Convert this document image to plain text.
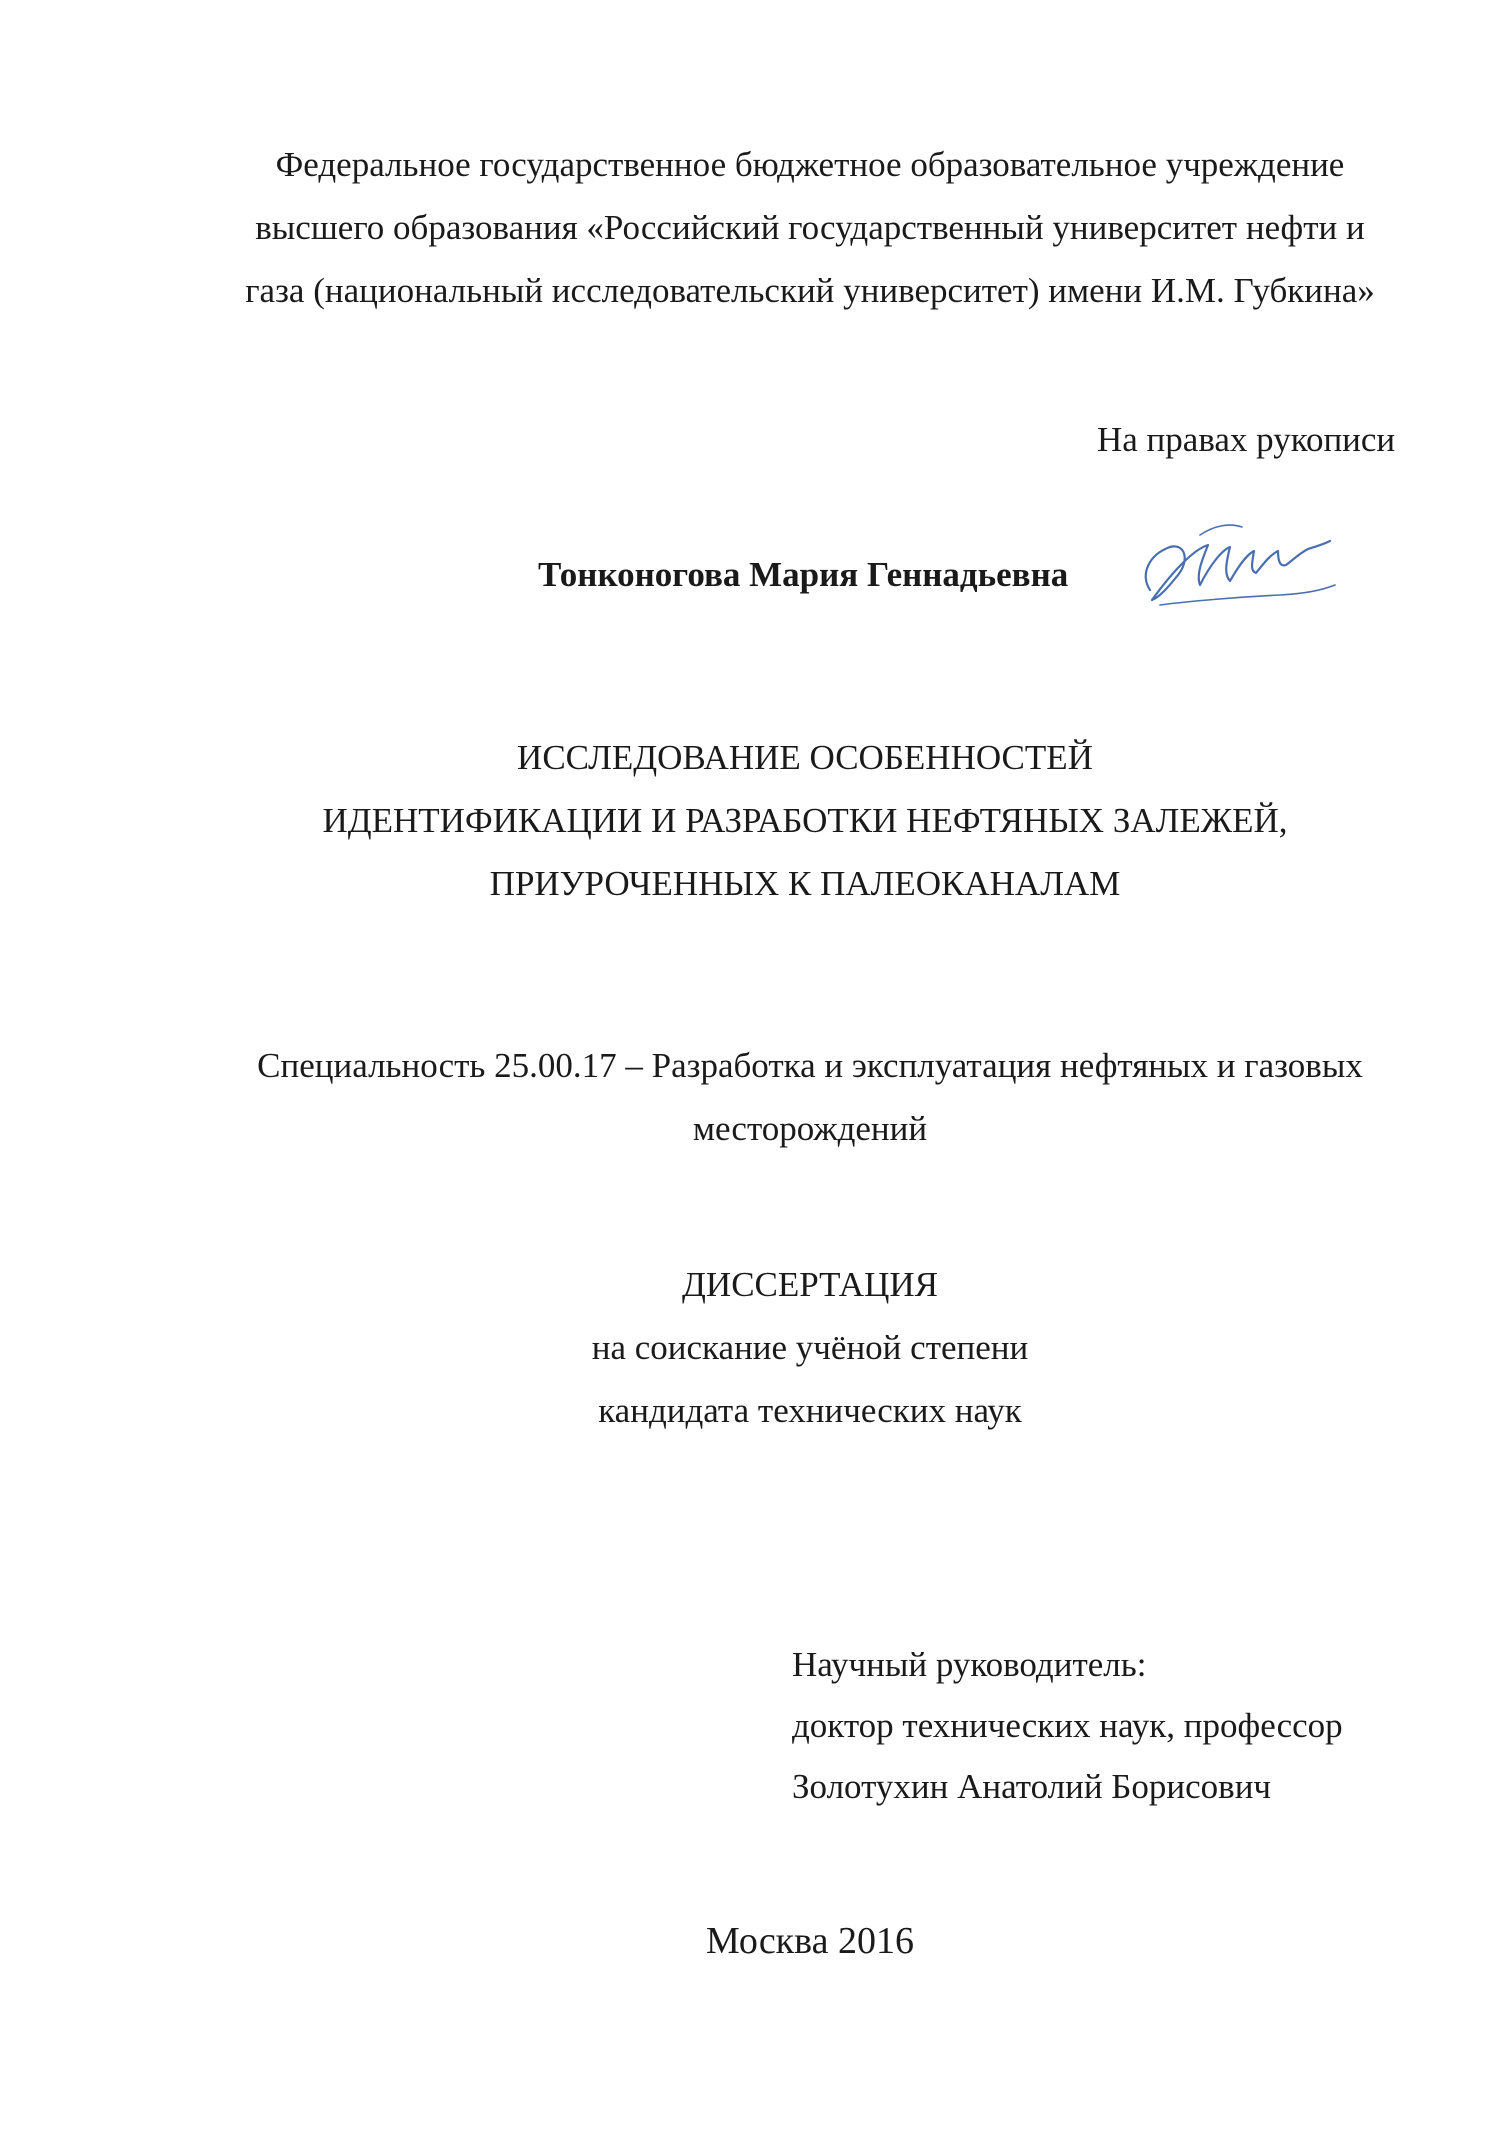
Федеральное государственное бюджетное образовательное учреждение
высшего образования «Российский государственный университет нефти и
газа (национальный исследовательский университет) имени И.М. Губкина»
На правах рукописи
Тонконогова Мария Геннадьевна
ИССЛЕДОВАНИЕ ОСОБЕННОСТЕЙ
ИДЕНТИФИКАЦИИ И РАЗРАБОТКИ НЕФТЯНЫХ ЗАЛЕЖЕЙ,
ПРИУРОЧЕННЫХ К ПАЛЕОКАНАЛАМ
Специальность 25.00.17 – Разработка и эксплуатация нефтяных и газовых
месторождений
ДИССЕРТАЦИЯ
на соискание учёной степени
кандидата технических наук
Научный руководитель:
доктор технических наук, профессор
Золотухин Анатолий Борисович
Москва 2016
